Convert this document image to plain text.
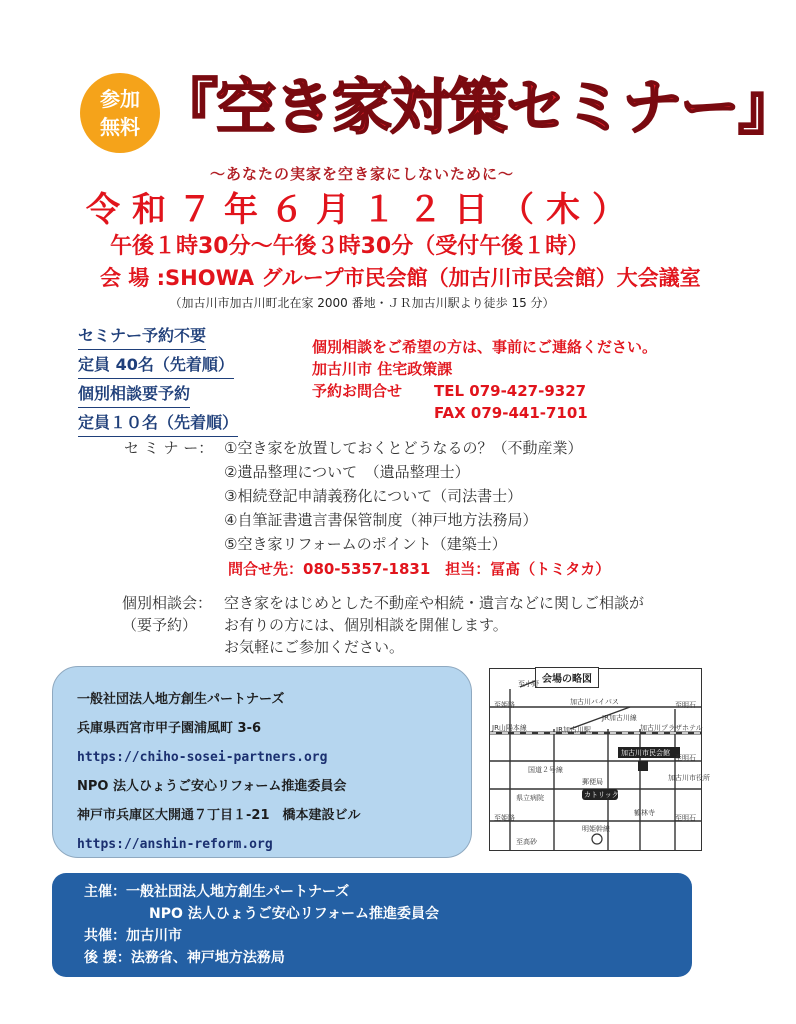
参加
無料 『空き家対策セミナー』
～あなたの実家を空き家にしないために～
令和７年６月１２日（木）
午後１時30分～午後３時30分（受付午後１時）
会 場 :SHOWA グループ市民会館（加古川市民会館）大会議室
（加古川市加古川町北在家 2000 番地・ＪＲ加古川駅より徒歩 15 分）
セミナー予約不要
定員 40名（先着順）
個別相談要予約
定員１０名（先着順）
個別相談をご希望の方は、事前にご連絡ください。
加古川市 住宅政策課
予約お問合せ	TEL 079-427-9327
FAX 079-441-7101
セ ミ ナ ー： ①空き家を放置しておくとどうなるの？（不動産業）
②遺品整理について　（遺品整理士）
③相続登記申請義務化について（司法書士）
④自筆証書遺言書保管制度（神戸地方法務局）
⑤空き家リフォームのポイント（建築士）
問合せ先：080-5357-1831　担当：冨髙（トミタカ）
個別相談会： 空き家をはじめとした不動産や相続・遺言などに関しご相談が
（要予約）	お有りの方には、個別相談を開催します。
お気軽にご参加ください。
一般社団法人地方創生パートナーズ
兵庫県西宮市甲子園浦風町 3-6
https://chiho-sosei-partners.org
NPO 法人ひょうご安心リフォーム推進委員会
神戸市兵庫区大開通７丁目１-21　橋本建設ビル
https://anshin-reform.org
会場の略図
至小野
加古川バイパス
至姫路	至明石
JR加古川線
JR山陽本線	JR加古川駅	加古川プラザホテル
加古川市民会館
国道２号線
郵便局	加古川市役所
県立病院	カトリック教会
鶴林寺
明姫幹線
至明石
至姫路
至高砂
至明石
主催： 一般社団法人地方創生パートナーズ
NPO 法人ひょうご安心リフォーム推進委員会
共催： 加古川市
後 援： 法務省、神戸地方法務局
